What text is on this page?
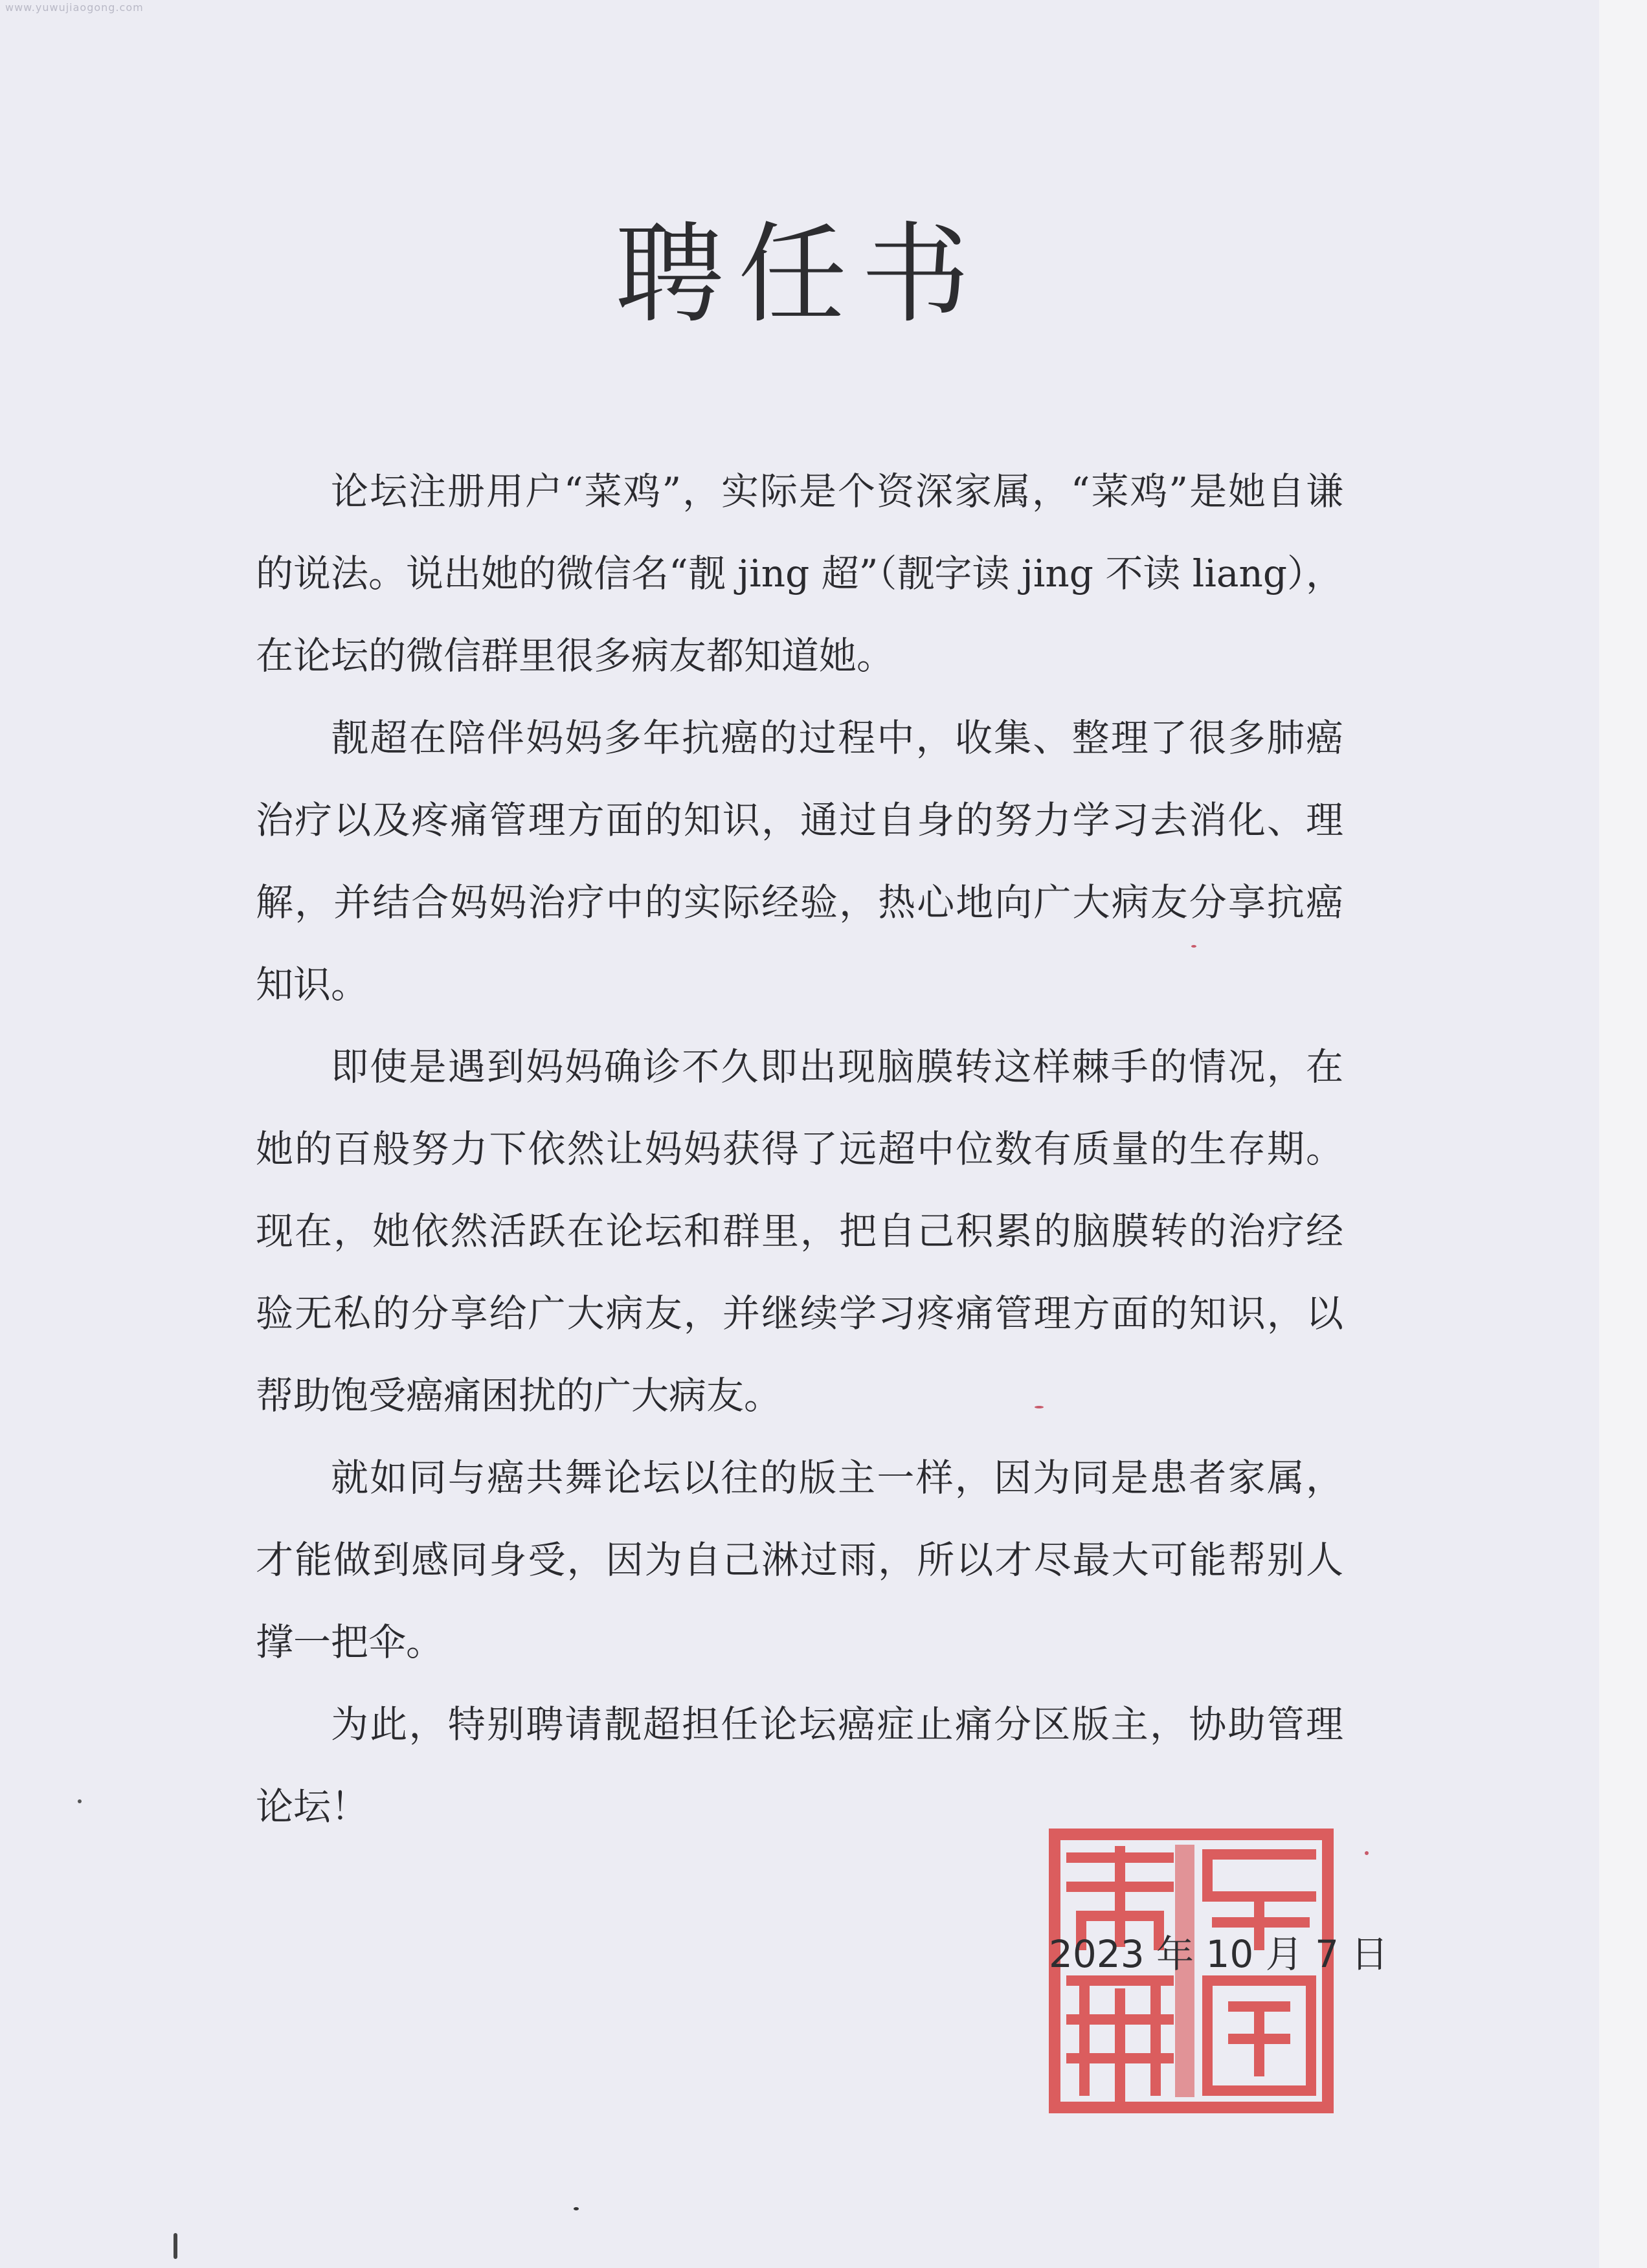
www.yuwujiaogong.com
聘任书

论坛注册用户“菜鸡”，实际是个资深家属，“菜鸡”是她自谦的说法。说出她的微信名“靓 jing 超”（靓字读 jing 不读 liang），在论坛的微信群里很多病友都知道她。

靓超在陪伴妈妈多年抗癌的过程中，收集、整理了很多肺癌治疗以及疼痛管理方面的知识，通过自身的努力学习去消化、理解，并结合妈妈治疗中的实际经验，热心地向广大病友分享抗癌知识。

即使是遇到妈妈确诊不久即出现脑膜转这样棘手的情况，在她的百般努力下依然让妈妈获得了远超中位数有质量的生存期。现在，她依然活跃在论坛和群里，把自己积累的脑膜转的治疗经验无私的分享给广大病友，并继续学习疼痛管理方面的知识，以帮助饱受癌痛困扰的广大病友。

就如同与癌共舞论坛以往的版主一样，因为同是患者家属，才能做到感同身受，因为自己淋过雨，所以才尽最大可能帮别人撑一把伞。

为此，特别聘请靓超担任论坛癌症止痛分区版主，协助管理论坛！

2023 年 10 月 7 日
